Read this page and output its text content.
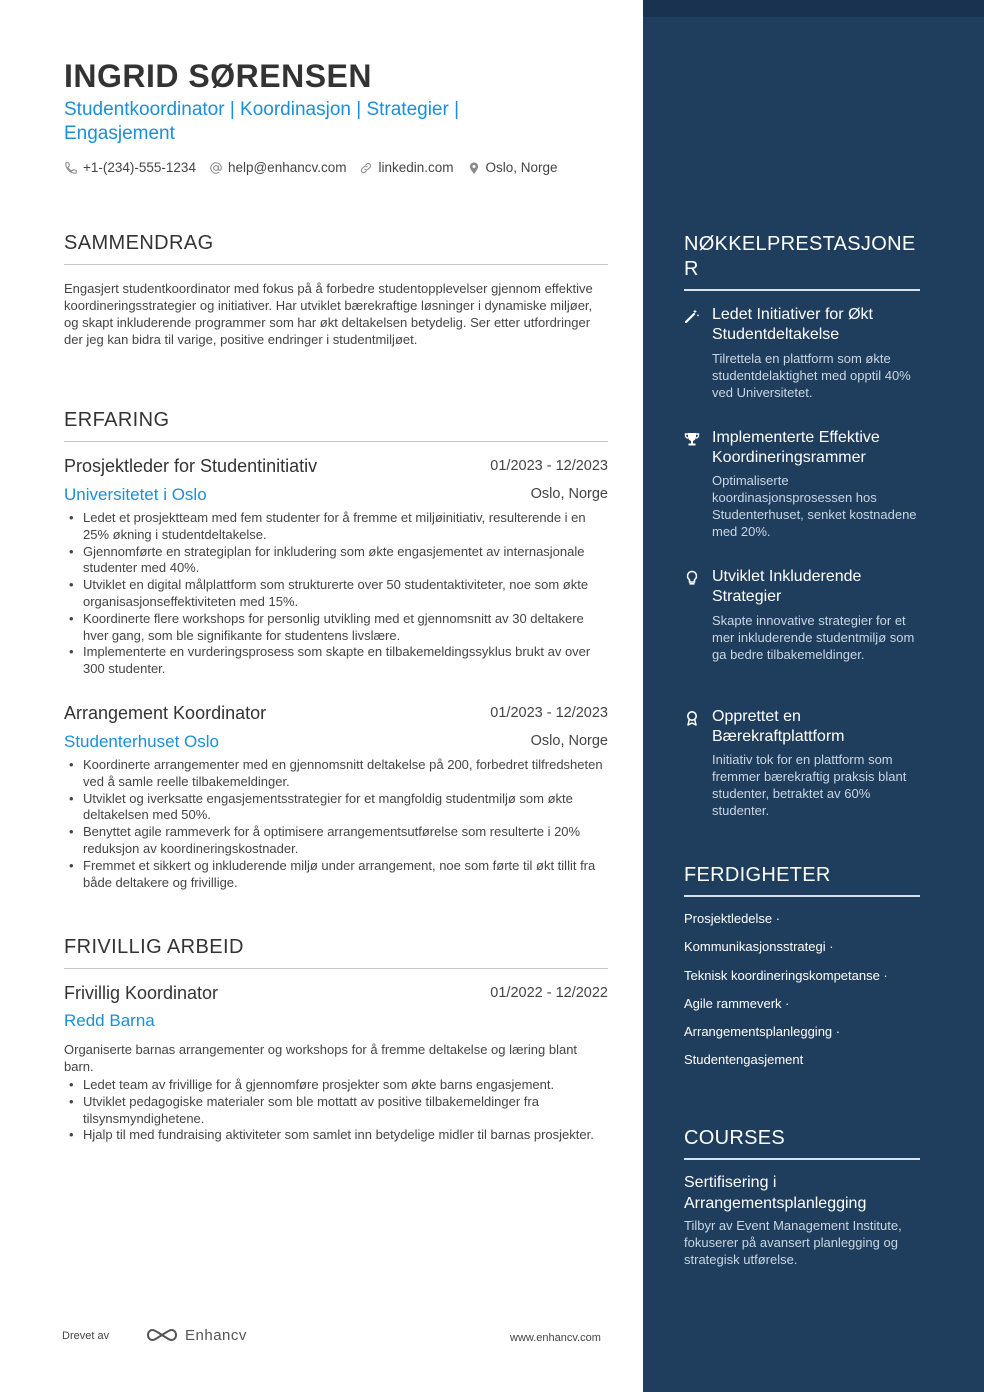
INGRID SØRENSEN
Studentkoordinator | Koordinasjon | Strategier | Engasjement
+1-(234)-555-1234 help@enhancv.com linkedin.com Oslo, Norge
SAMMENDRAG
Engasjert studentkoordinator med fokus på å forbedre studentopplevelser gjennom effektive koordineringsstrategier og initiativer. Har utviklet bærekraftige løsninger i dynamiske miljøer, og skapt inkluderende programmer som har økt deltakelsen betydelig. Ser etter utfordringer der jeg kan bidra til varige, positive endringer i studentmiljøet.
ERFARING
Prosjektleder for Studentinitiativ	01/2023 - 12/2023
Universitetet i Oslo	Oslo, Norge
• Ledet et prosjektteam med fem studenter for å fremme et miljøinitiativ, resulterende i en 25% økning i studentdeltakelse.
• Gjennomførte en strategiplan for inkludering som økte engasjementet av internasjonale studenter med 40%.
• Utviklet en digital målplattform som strukturerte over 50 studentaktiviteter, noe som økte organisasjonseffektiviteten med 15%.
• Koordinerte flere workshops for personlig utvikling med et gjennomsnitt av 30 deltakere hver gang, som ble signifikante for studentens livslære.
• Implementerte en vurderingsprosess som skapte en tilbakemeldingssyklus brukt av over 300 studenter.
Arrangement Koordinator	01/2023 - 12/2023
Studenterhuset Oslo	Oslo, Norge
• Koordinerte arrangementer med en gjennomsnitt deltakelse på 200, forbedret tilfredsheten ved å samle reelle tilbakemeldinger.
• Utviklet og iverksatte engasjementsstrategier for et mangfoldig studentmiljø som økte deltakelsen med 50%.
• Benyttet agile rammeverk for å optimisere arrangementsutførelse som resulterte i 20% reduksjon av koordineringskostnader.
• Fremmet et sikkert og inkluderende miljø under arrangement, noe som førte til økt tillit fra både deltakere og frivillige.
FRIVILLIG ARBEID
Frivillig Koordinator	01/2022 - 12/2022
Redd Barna
Organiserte barnas arrangementer og workshops for å fremme deltakelse og læring blant barn.
• Ledet team av frivillige for å gjennomføre prosjekter som økte barns engasjement.
• Utviklet pedagogiske materialer som ble mottatt av positive tilbakemeldinger fra tilsynsmyndighetene.
• Hjalp til med fundraising aktiviteter som samlet inn betydelige midler til barnas prosjekter.
Drevet av	Enhancv	www.enhancv.com
NØKKELPRESTASJONER
Ledet Initiativer for Økt Studentdeltakelse
Tilrettela en plattform som økte studentdelaktighet med opptil 40% ved Universitetet.
Implementerte Effektive Koordineringsrammer
Optimaliserte koordinasjonsprosessen hos Studenterhuset, senket kostnadene med 20%.
Utviklet Inkluderende Strategier
Skapte innovative strategier for et mer inkluderende studentmiljø som ga bedre tilbakemeldinger.
Opprettet en Bærekraftplattform
Initiativ tok for en plattform som fremmer bærekraftig praksis blant studenter, betraktet av 60% studenter.
FERDIGHETER
Prosjektledelse ·
Kommunikasjonsstrategi ·
Teknisk koordineringskompetanse ·
Agile rammeverk ·
Arrangementsplanlegging ·
Studentengasjement
COURSES
Sertifisering i Arrangementsplanlegging
Tilbyr av Event Management Institute, fokuserer på avansert planlegging og strategisk utførelse.
